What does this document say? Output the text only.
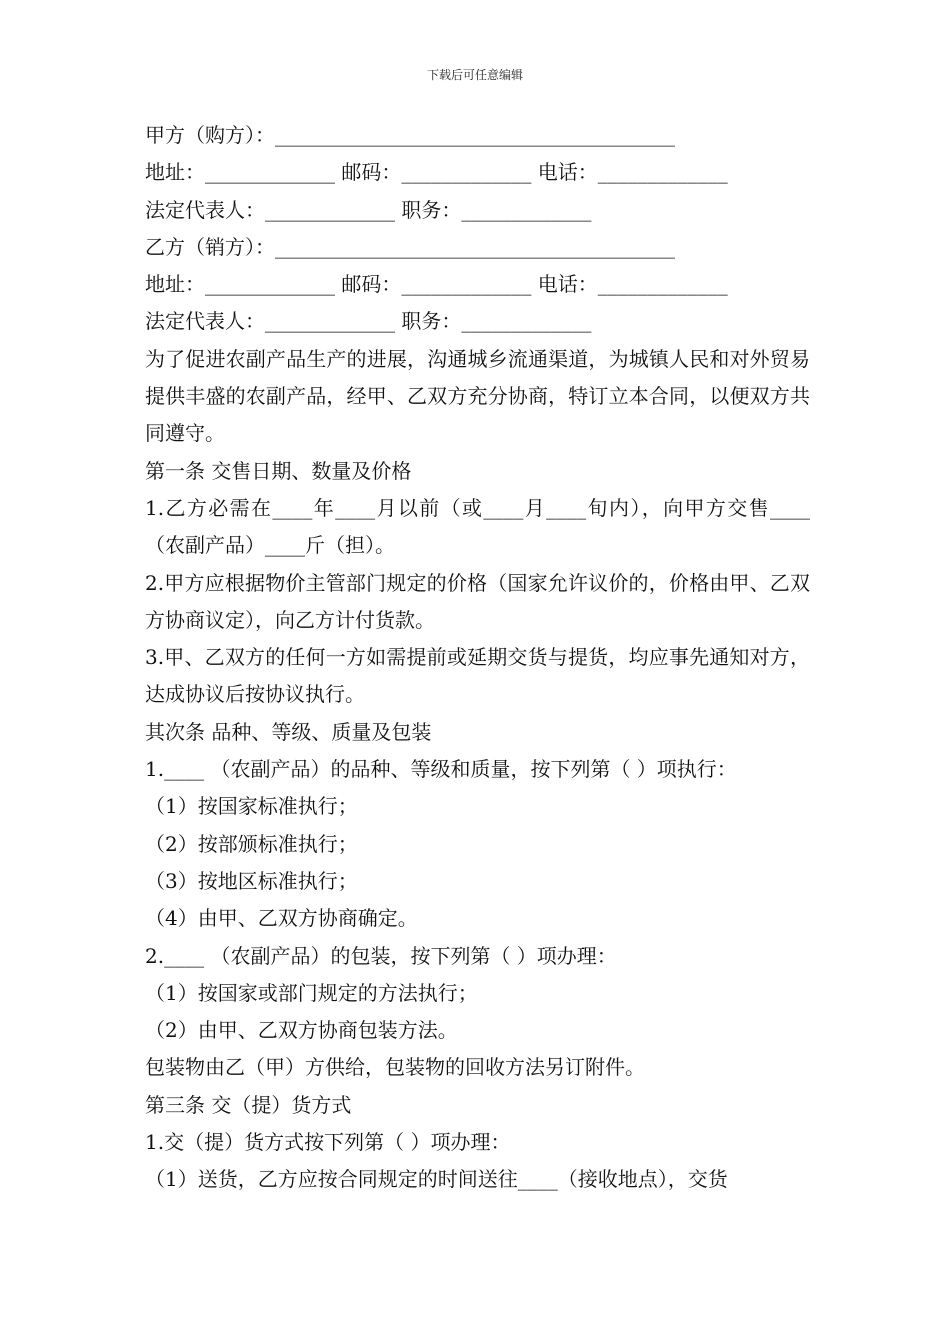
下载后可任意编辑

甲方（购方）：________________________________________

地址：_____________ 邮码：_____________ 电话：_____________

法定代表人：_____________ 职务：_____________

乙方（销方）：________________________________________

地址：_____________ 邮码：_____________ 电话：_____________

法定代表人：_____________ 职务：_____________

为了促进农副产品生产的进展，沟通城乡流通渠道，为城镇人民和对外贸易提供丰盛的农副产品，经甲、乙双方充分协商，特订立本合同，以便双方共同遵守。

第一条 交售日期、数量及价格

1.乙方必需在____年____月以前（或____月____旬内），向甲方交售____（农副产品）____斤（担）。

2.甲方应根据物价主管部门规定的价格（国家允许议价的，价格由甲、乙双方协商议定），向乙方计付货款。

3.甲、乙双方的任何一方如需提前或延期交货与提货，均应事先通知对方，达成协议后按协议执行。

其次条 品种、等级、质量及包装

1.____ （农副产品）的品种、等级和质量，按下列第（ ）项执行：

（1）按国家标准执行；

（2）按部颁标准执行；

（3）按地区标准执行；

（4）由甲、乙双方协商确定。

2.____ （农副产品）的包装，按下列第（ ）项办理：

（1）按国家或部门规定的方法执行；

（2）由甲、乙双方协商包装方法。

包装物由乙（甲）方供给，包装物的回收方法另订附件。

第三条 交（提）货方式

1.交（提）货方式按下列第（ ）项办理：

（1）送货，乙方应按合同规定的时间送往____（接收地点），交货
